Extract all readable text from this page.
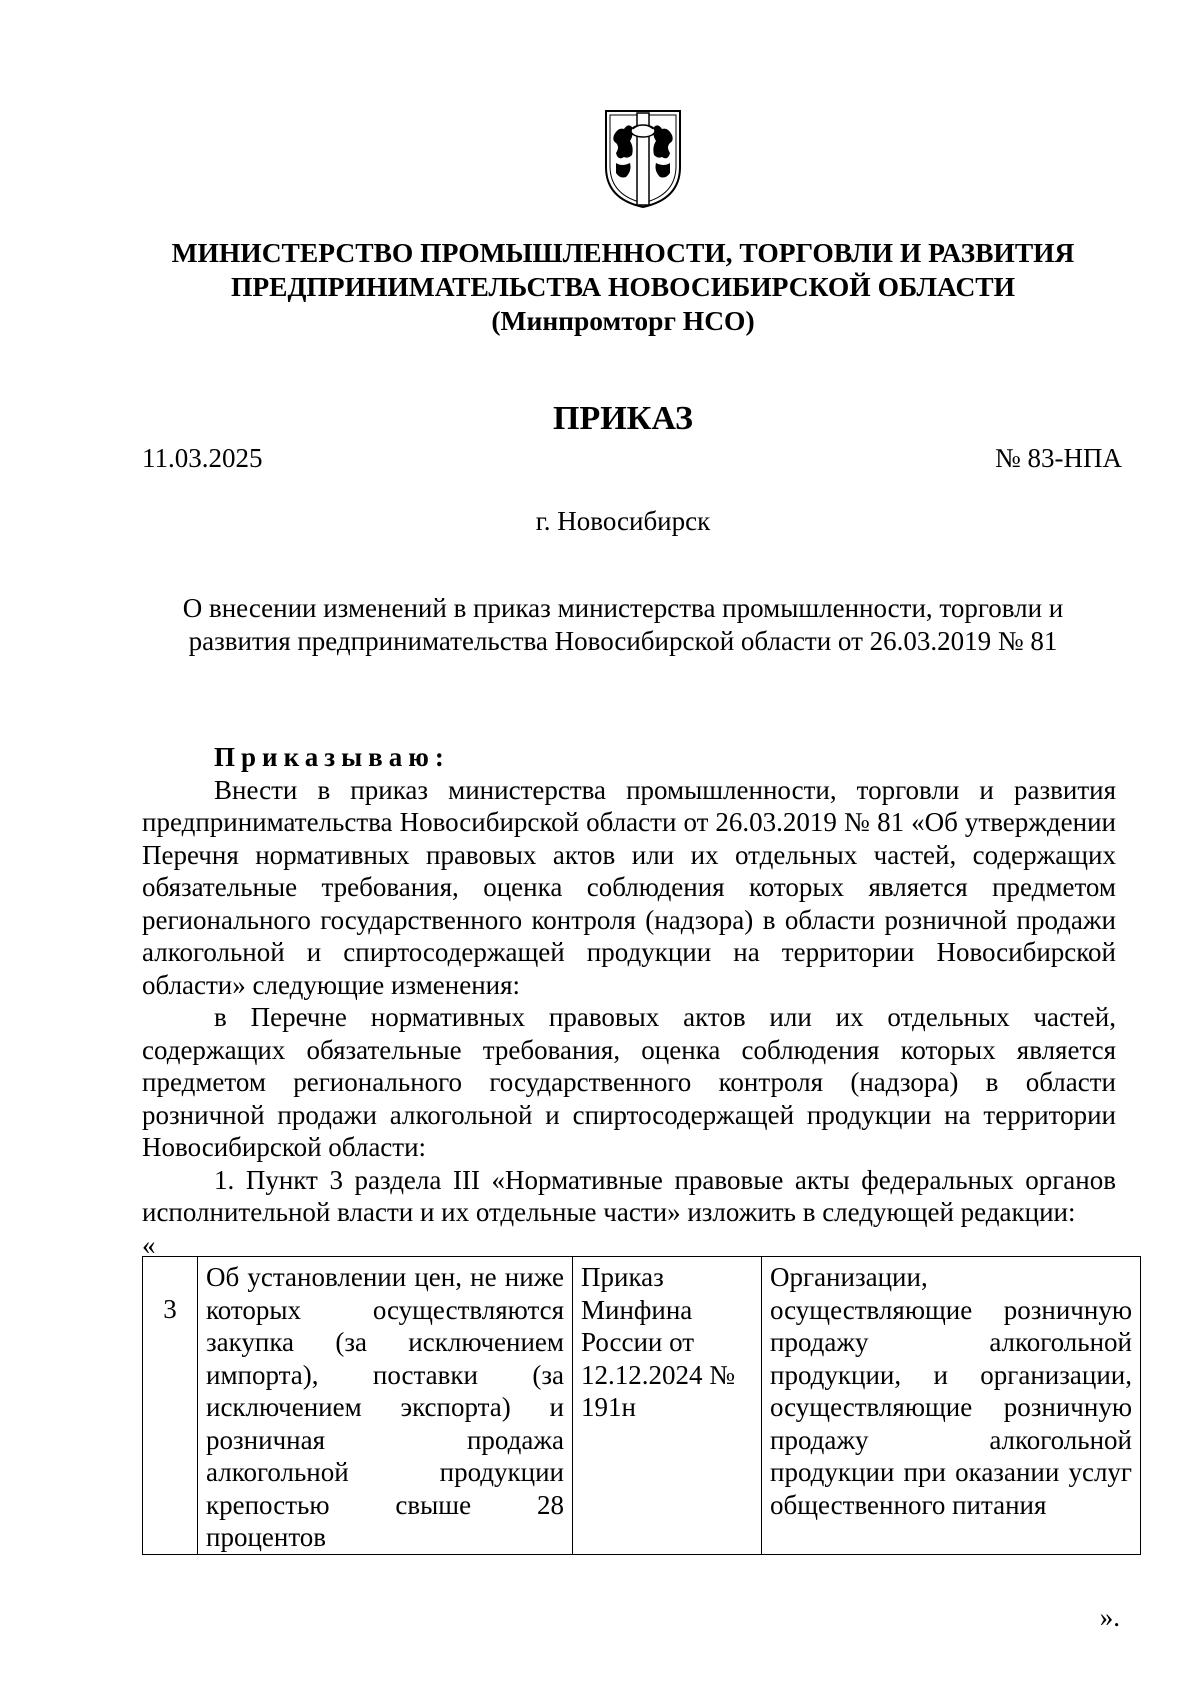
МИНИСТЕРСТВО ПРОМЫШЛЕННОСТИ, ТОРГОВЛИ И РАЗВИТИЯ

ПРЕДПРИНИМАТЕЛЬСТВА НОВОСИБИРСКОЙ ОБЛАСТИ

(Минпромторг НСО)

ПРИКАЗ
11.03.2025	№ 83-НПА
г. Новосибирск

О внесении изменений в приказ министерства промышленности, торговли и

развития предпринимательства Новосибирской области от 26.03.2019 № 81

Приказываю:

Внести в приказ министерства промышленности, торговли и развития предпринимательства Новосибирской области от 26.03.2019 № 81 «Об утверждении Перечня нормативных правовых актов или их отдельных частей, содержащих обязательные требования, оценка соблюдения которых является предметом регионального государственного контроля (надзора) в области розничной продажи алкогольной и спиртосодержащей продукции на территории Новосибирской области» следующие изменения:

в Перечне нормативных правовых актов или их отдельных частей, содержащих обязательные требования, оценка соблюдения которых является предметом регионального государственного контроля (надзора) в области розничной продажи алкогольной и спиртосодержащей продукции на территории Новосибирской области:

1. Пункт 3 раздела III «Нормативные правовые акты федеральных органов исполнительной власти и их отдельные части» изложить в следующей редакции:

«

3	Об установлении цен, не ниже которых осуществляются закупка (за исключением импорта), поставки (за исключением экспорта) и розничная продажа алкогольной продукции крепостью свыше 28 процентов	Приказ Минфина России от 12.12.2024 № 191н	Организации, осуществляющие розничную продажу алкогольной продукции, и организации, осуществляющие розничную продажу алкогольной продукции при оказании услуг общественного питания
».
